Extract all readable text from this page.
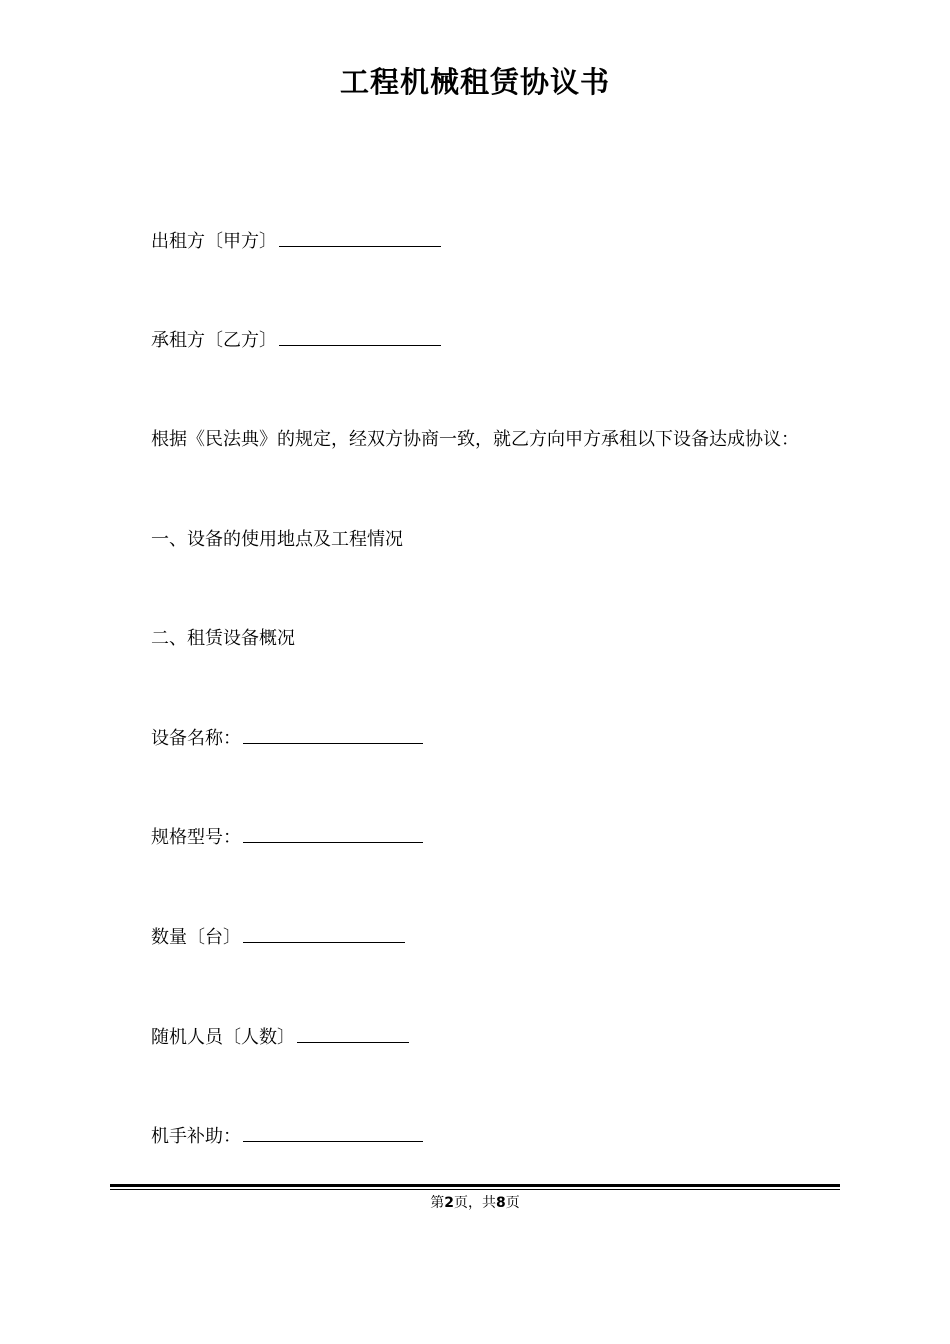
工程机械租赁协议书
出租方〔甲方〕
承租方〔乙方〕
根据《民法典》的规定，经双方协商一致，就乙方向甲方承租以下设备达成协议：
一、设备的使用地点及工程情况
二、租赁设备概况
设备名称：
规格型号：
数量〔台〕
随机人员〔人数〕
机手补助：
第2页，共8页
